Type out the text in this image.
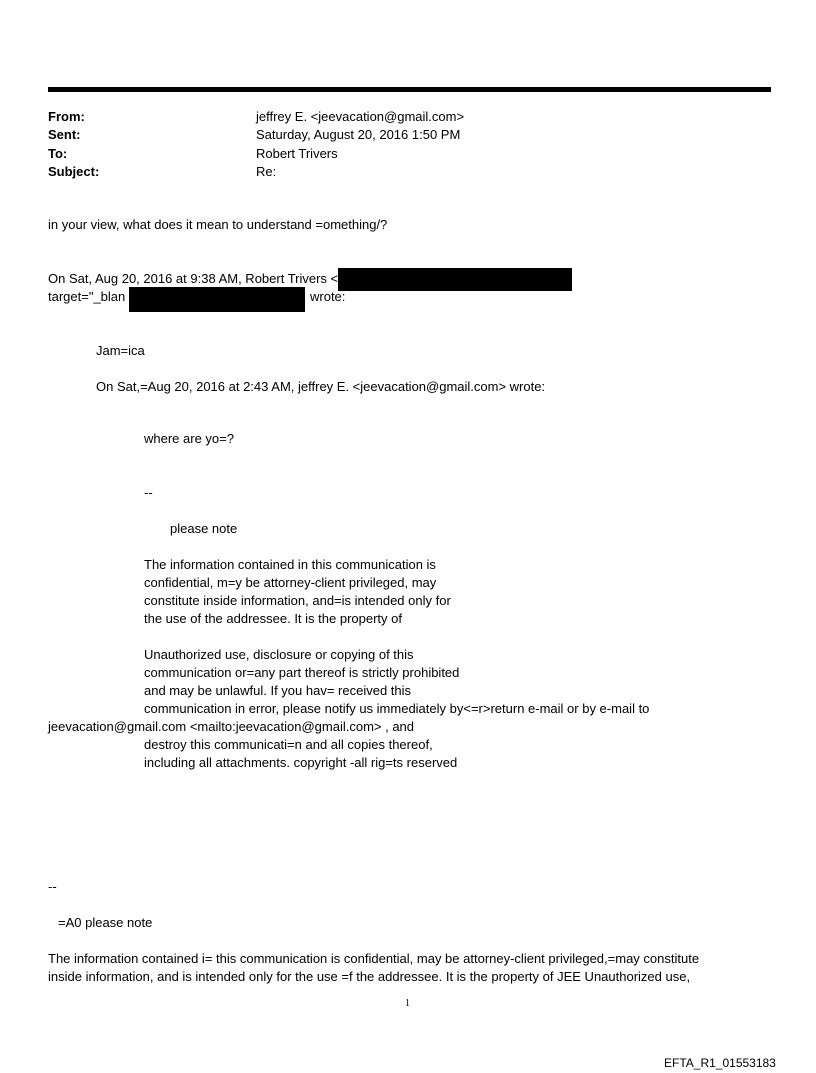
From:	jeffrey E. <jeevacation@gmail.com>
Sent:	Saturday, August 20, 2016 1:50 PM
To:	Robert Trivers
Subject:	Re:
in your view, what does it mean to understand =omething/?
On Sat, Aug 20, 2016 at 9:38 AM, Robert Trivers <
target="_blan	wrote:
Jam=ica
On Sat,=Aug 20, 2016 at 2:43 AM, jeffrey E. <jeevacation@gmail.com> wrote:
where are yo=?
--
please note
The information contained in this communication is
confidential, m=y be attorney-client privileged, may
constitute inside information, and=is intended only for
the use of the addressee. It is the property of
Unauthorized use, disclosure or copying of this
communication or=any part thereof is strictly prohibited
and may be unlawful. If you hav= received this
communication in error, please notify us immediately by<=r>return e-mail or by e-mail to
jeevacation@gmail.com <mailto:jeevacation@gmail.com> , and
destroy this communicati=n and all copies thereof,
including all attachments. copyright -all rig=ts reserved
--
=A0 please note
The information contained i= this communication is confidential, may be attorney-client privileged,=may constitute
inside information, and is intended only for the use =f the addressee. It is the property of JEE Unauthorized use,
1
EFTA_R1_01553183
